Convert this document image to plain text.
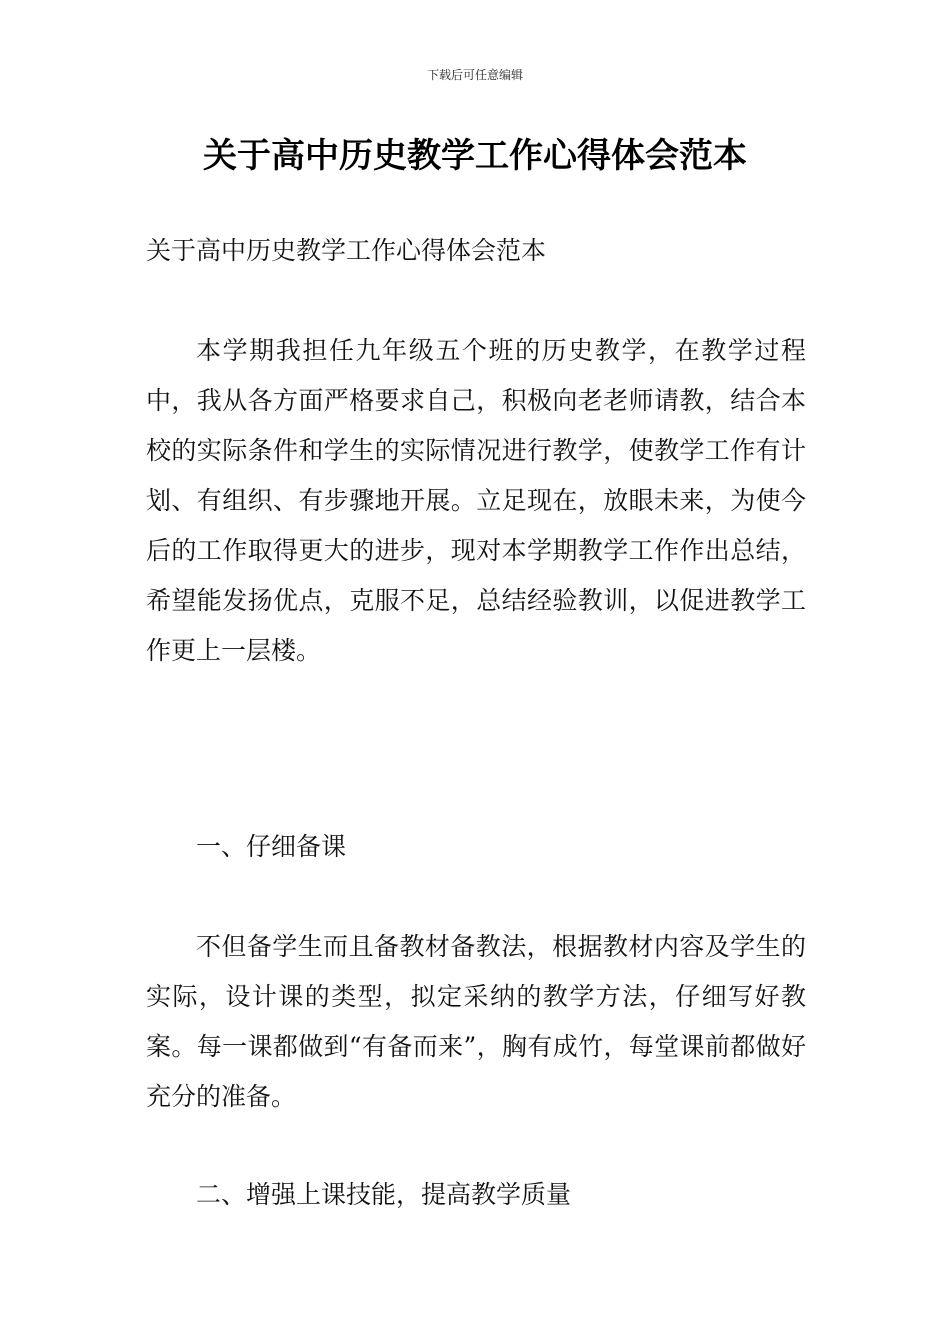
下载后可任意编辑
关于高中历史教学工作心得体会范本
关于高中历史教学工作心得体会范本
本学期我担任九年级五个班的历史教学，在教学过程中，我从各方面严格要求自己，积极向老老师请教，结合本校的实际条件和学生的实际情况进行教学，使教学工作有计划、有组织、有步骤地开展。立足现在，放眼未来，为使今后的工作取得更大的进步，现对本学期教学工作作出总结，希望能发扬优点，克服不足，总结经验教训，以促进教学工作更上一层楼。
一、仔细备课
不但备学生而且备教材备教法，根据教材内容及学生的实际，设计课的类型，拟定采纳的教学方法，仔细写好教案。每一课都做到“有备而来”，胸有成竹，每堂课前都做好充分的准备。
二、增强上课技能，提高教学质量
